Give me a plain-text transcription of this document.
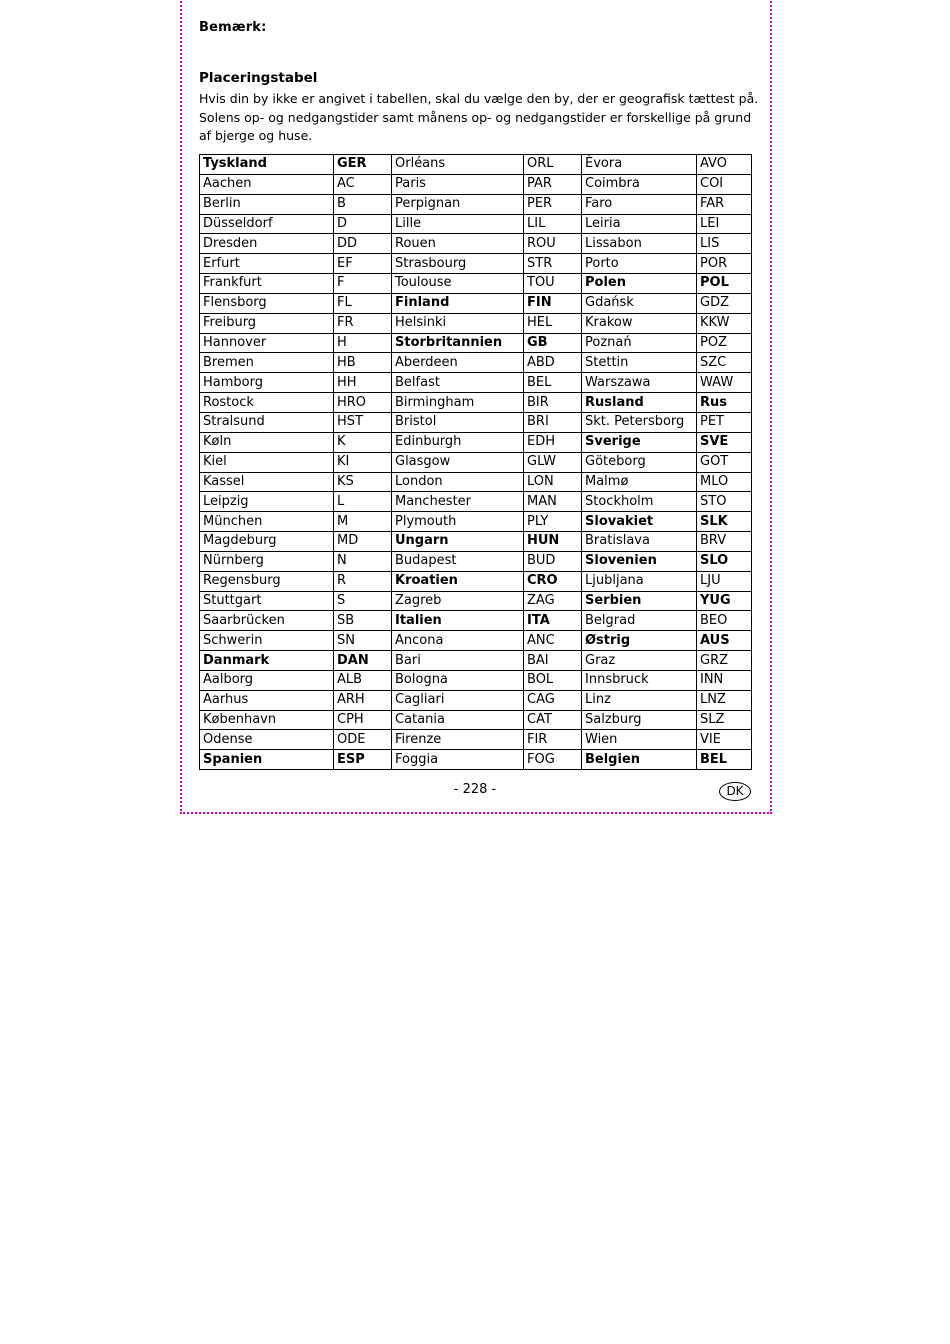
Bemærk:
Placeringstabel
Hvis din by ikke er angivet i tabellen, skal du vælge den by, der er geografisk tættest på.
Solens op- og nedgangstider samt månens op- og nedgangstider er forskellige på grund
af bjerge og huse.
Tyskland	GER	Orléans	ORL	Èvora	AVO
Aachen	AC	Paris	PAR	Coimbra	COI
Berlin	B	Perpignan	PER	Faro	FAR
Düsseldorf	D	Lille	LIL	Leiria	LEI
Dresden	DD	Rouen	ROU	Lissabon	LIS
Erfurt	EF	Strasbourg	STR	Porto	POR
Frankfurt	F	Toulouse	TOU	Polen	POL
Flensborg	FL	Finland	FIN	Gdańsk	GDZ
Freiburg	FR	Helsinki	HEL	Krakow	KKW
Hannover	H	Storbritannien	GB	Poznań	POZ
Bremen	HB	Aberdeen	ABD	Stettin	SZC
Hamborg	HH	Belfast	BEL	Warszawa	WAW
Rostock	HRO	Birmingham	BIR	Rusland	Rus
Stralsund	HST	Bristol	BRI	Skt. Petersborg	PET
Køln	K	Edinburgh	EDH	Sverige	SVE
Kiel	KI	Glasgow	GLW	Göteborg	GOT
Kassel	KS	London	LON	Malmø	MLO
Leipzig	L	Manchester	MAN	Stockholm	STO
München	M	Plymouth	PLY	Slovakiet	SLK
Magdeburg	MD	Ungarn	HUN	Bratislava	BRV
Nürnberg	N	Budapest	BUD	Slovenien	SLO
Regensburg	R	Kroatien	CRO	Ljubljana	LJU
Stuttgart	S	Zagreb	ZAG	Serbien	YUG
Saarbrücken	SB	Italien	ITA	Belgrad	BEO
Schwerin	SN	Ancona	ANC	Østrig	AUS
Danmark	DAN	Bari	BAI	Graz	GRZ
Aalborg	ALB	Bologna	BOL	Innsbruck	INN
Aarhus	ARH	Cagliari	CAG	Linz	LNZ
København	CPH	Catania	CAT	Salzburg	SLZ
Odense	ODE	Firenze	FIR	Wien	VIE
Spanien	ESP	Foggia	FOG	Belgien	BEL
- 228 -	DK
